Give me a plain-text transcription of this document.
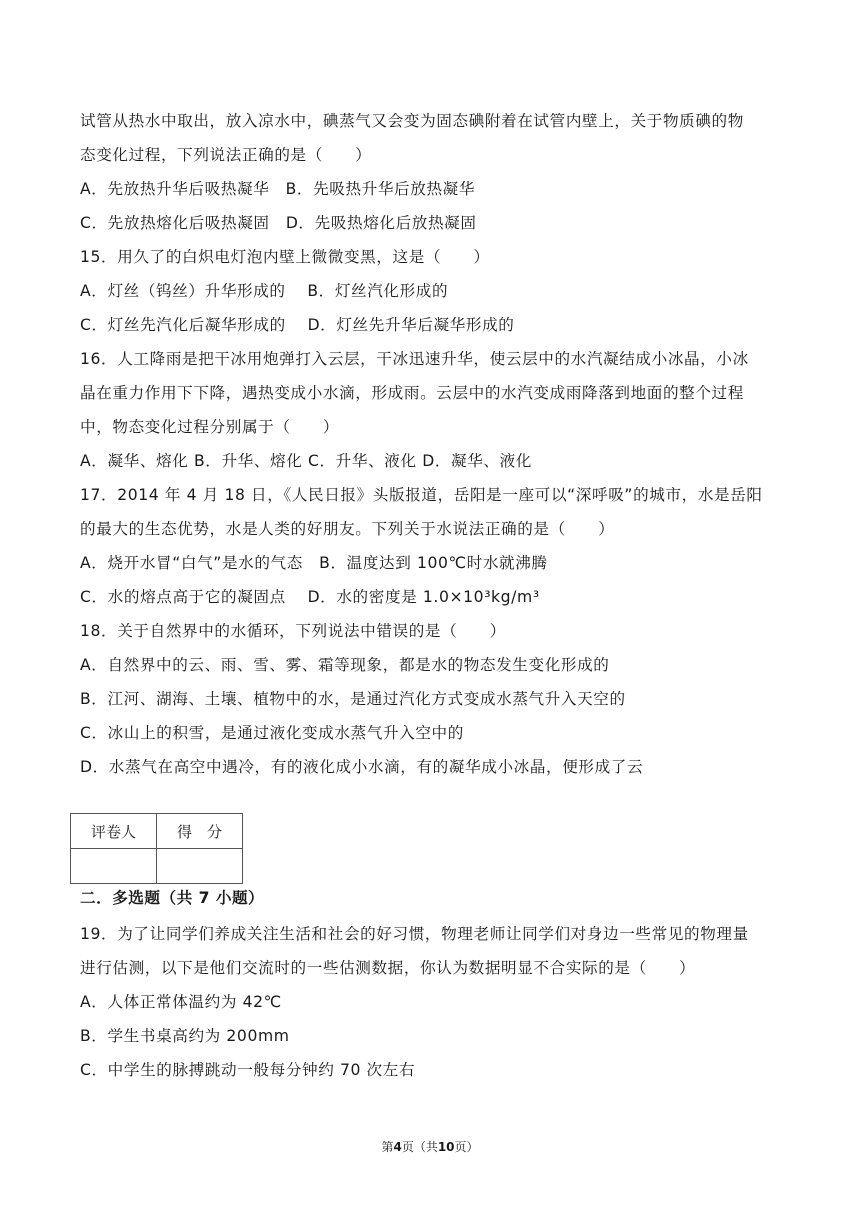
试管从热水中取出，放入凉水中，碘蒸气又会变为固态碘附着在试管内壁上，关于物质碘的物
态变化过程，下列说法正确的是（　　）
A．先放热升华后吸热凝华　B．先吸热升华后放热凝华
C．先放热熔化后吸热凝固　D．先吸热熔化后放热凝固
15．用久了的白炽电灯泡内壁上微微变黑，这是（　　）
A．灯丝（钨丝）升华形成的　 B．灯丝汽化形成的
C．灯丝先汽化后凝华形成的　 D．灯丝先升华后凝华形成的
16．人工降雨是把干冰用炮弹打入云层，干冰迅速升华，使云层中的水汽凝结成小冰晶，小冰
晶在重力作用下下降，遇热变成小水滴，形成雨。云层中的水汽变成雨降落到地面的整个过程
中，物态变化过程分别属于（　　）
A．凝华、熔化 B．升华、熔化 C．升华、液化 D．凝华、液化
17．2014 年 4 月 18 日，《人民日报》头版报道，岳阳是一座可以“深呼吸”的城市，水是岳阳
的最大的生态优势，水是人类的好朋友。下列关于水说法正确的是（　　）
A．烧开水冒“白气”是水的气态　B．温度达到 100℃时水就沸腾
C．水的熔点高于它的凝固点　 D．水的密度是 1.0×10³kg/m³
18．关于自然界中的水循环，下列说法中错误的是（　　）
A．自然界中的云、雨、雪、雾、霜等现象，都是水的物态发生变化形成的
B．江河、湖海、土壤、植物中的水，是通过汽化方式变成水蒸气升入天空的
C．冰山上的积雪，是通过液化变成水蒸气升入空中的
D．水蒸气在高空中遇冷，有的液化成小水滴，有的凝华成小冰晶，便形成了云
评卷人	得　分

二．多选题（共 7 小题）
19．为了让同学们养成关注生活和社会的好习惯，物理老师让同学们对身边一些常见的物理量
进行估测，以下是他们交流时的一些估测数据，你认为数据明显不合实际的是（　　）
A．人体正常体温约为 42℃
B．学生书桌高约为 200mm
C．中学生的脉搏跳动一般每分钟约 70 次左右
第4页（共10页）
